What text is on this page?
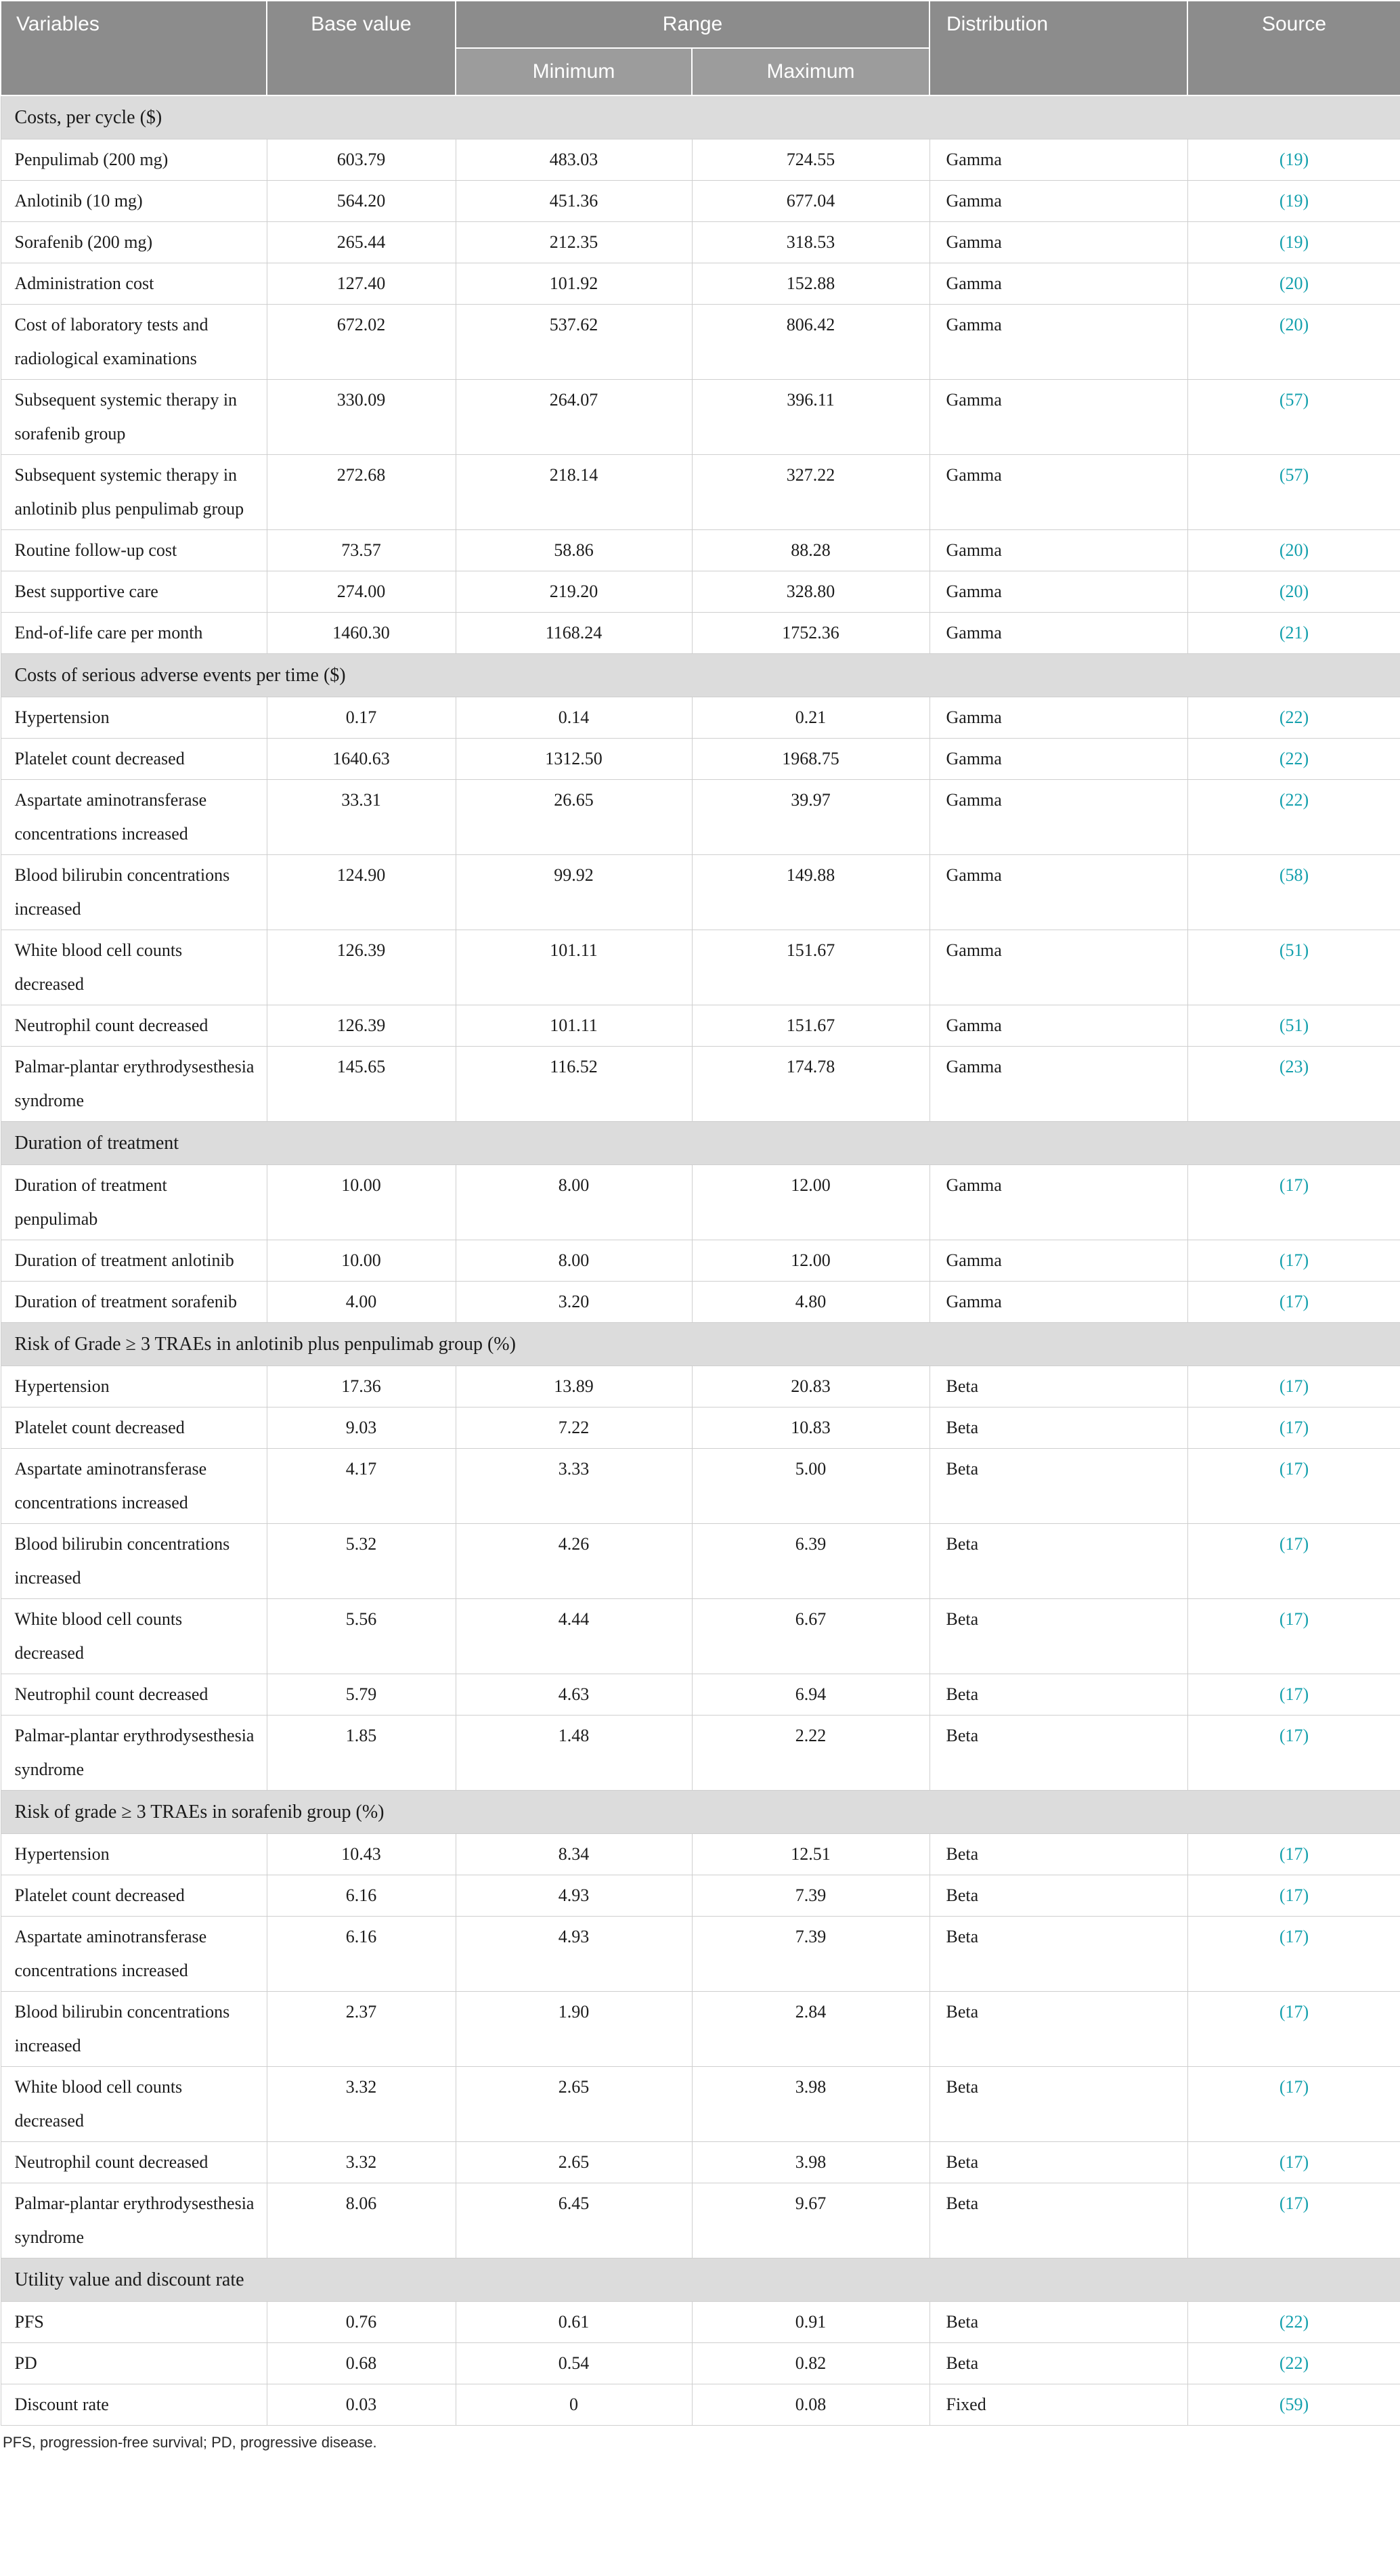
Variables	Base value	Range		Distribution	Source
		Minimum	Maximum		
Costs, per cycle ($)					
Penpulimab (200 mg)	603.79	483.03	724.55	Gamma	(19)
Anlotinib (10 mg)	564.20	451.36	677.04	Gamma	(19)
Sorafenib (200 mg)	265.44	212.35	318.53	Gamma	(19)
Administration cost	127.40	101.92	152.88	Gamma	(20)
Cost of laboratory tests and radiological examinations	672.02	537.62	806.42	Gamma	(20)
Subsequent systemic therapy in sorafenib group	330.09	264.07	396.11	Gamma	(57)
Subsequent systemic therapy in anlotinib plus penpulimab group	272.68	218.14	327.22	Gamma	(57)
Routine follow-up cost	73.57	58.86	88.28	Gamma	(20)
Best supportive care	274.00	219.20	328.80	Gamma	(20)
End-of-life care per month	1460.30	1168.24	1752.36	Gamma	(21)
Costs of serious adverse events per time ($)					
Hypertension	0.17	0.14	0.21	Gamma	(22)
Platelet count decreased	1640.63	1312.50	1968.75	Gamma	(22)
Aspartate aminotransferase concentrations increased	33.31	26.65	39.97	Gamma	(22)
Blood bilirubin concentrations increased	124.90	99.92	149.88	Gamma	(58)
White blood cell counts decreased	126.39	101.11	151.67	Gamma	(51)
Neutrophil count decreased	126.39	101.11	151.67	Gamma	(51)
Palmar-plantar erythrodysesthesia syndrome	145.65	116.52	174.78	Gamma	(23)
Duration of treatment					
Duration of treatment penpulimab	10.00	8.00	12.00	Gamma	(17)
Duration of treatment anlotinib	10.00	8.00	12.00	Gamma	(17)
Duration of treatment sorafenib	4.00	3.20	4.80	Gamma	(17)
Risk of Grade ≥ 3 TRAEs in anlotinib plus penpulimab group (%)					
Hypertension	17.36	13.89	20.83	Beta	(17)
Platelet count decreased	9.03	7.22	10.83	Beta	(17)
Aspartate aminotransferase concentrations increased	4.17	3.33	5.00	Beta	(17)
Blood bilirubin concentrations increased	5.32	4.26	6.39	Beta	(17)
White blood cell counts decreased	5.56	4.44	6.67	Beta	(17)
Neutrophil count decreased	5.79	4.63	6.94	Beta	(17)
Palmar-plantar erythrodysesthesia syndrome	1.85	1.48	2.22	Beta	(17)
Risk of grade ≥ 3 TRAEs in sorafenib group (%)					
Hypertension	10.43	8.34	12.51	Beta	(17)
Platelet count decreased	6.16	4.93	7.39	Beta	(17)
Aspartate aminotransferase concentrations increased	6.16	4.93	7.39	Beta	(17)
Blood bilirubin concentrations increased	2.37	1.90	2.84	Beta	(17)
White blood cell counts decreased	3.32	2.65	3.98	Beta	(17)
Neutrophil count decreased	3.32	2.65	3.98	Beta	(17)
Palmar-plantar erythrodysesthesia syndrome	8.06	6.45	9.67	Beta	(17)
Utility value and discount rate					
PFS	0.76	0.61	0.91	Beta	(22)
PD	0.68	0.54	0.82	Beta	(22)
Discount rate	0.03	0	0.08	Fixed	(59)
PFS, progression-free survival; PD, progressive disease.
